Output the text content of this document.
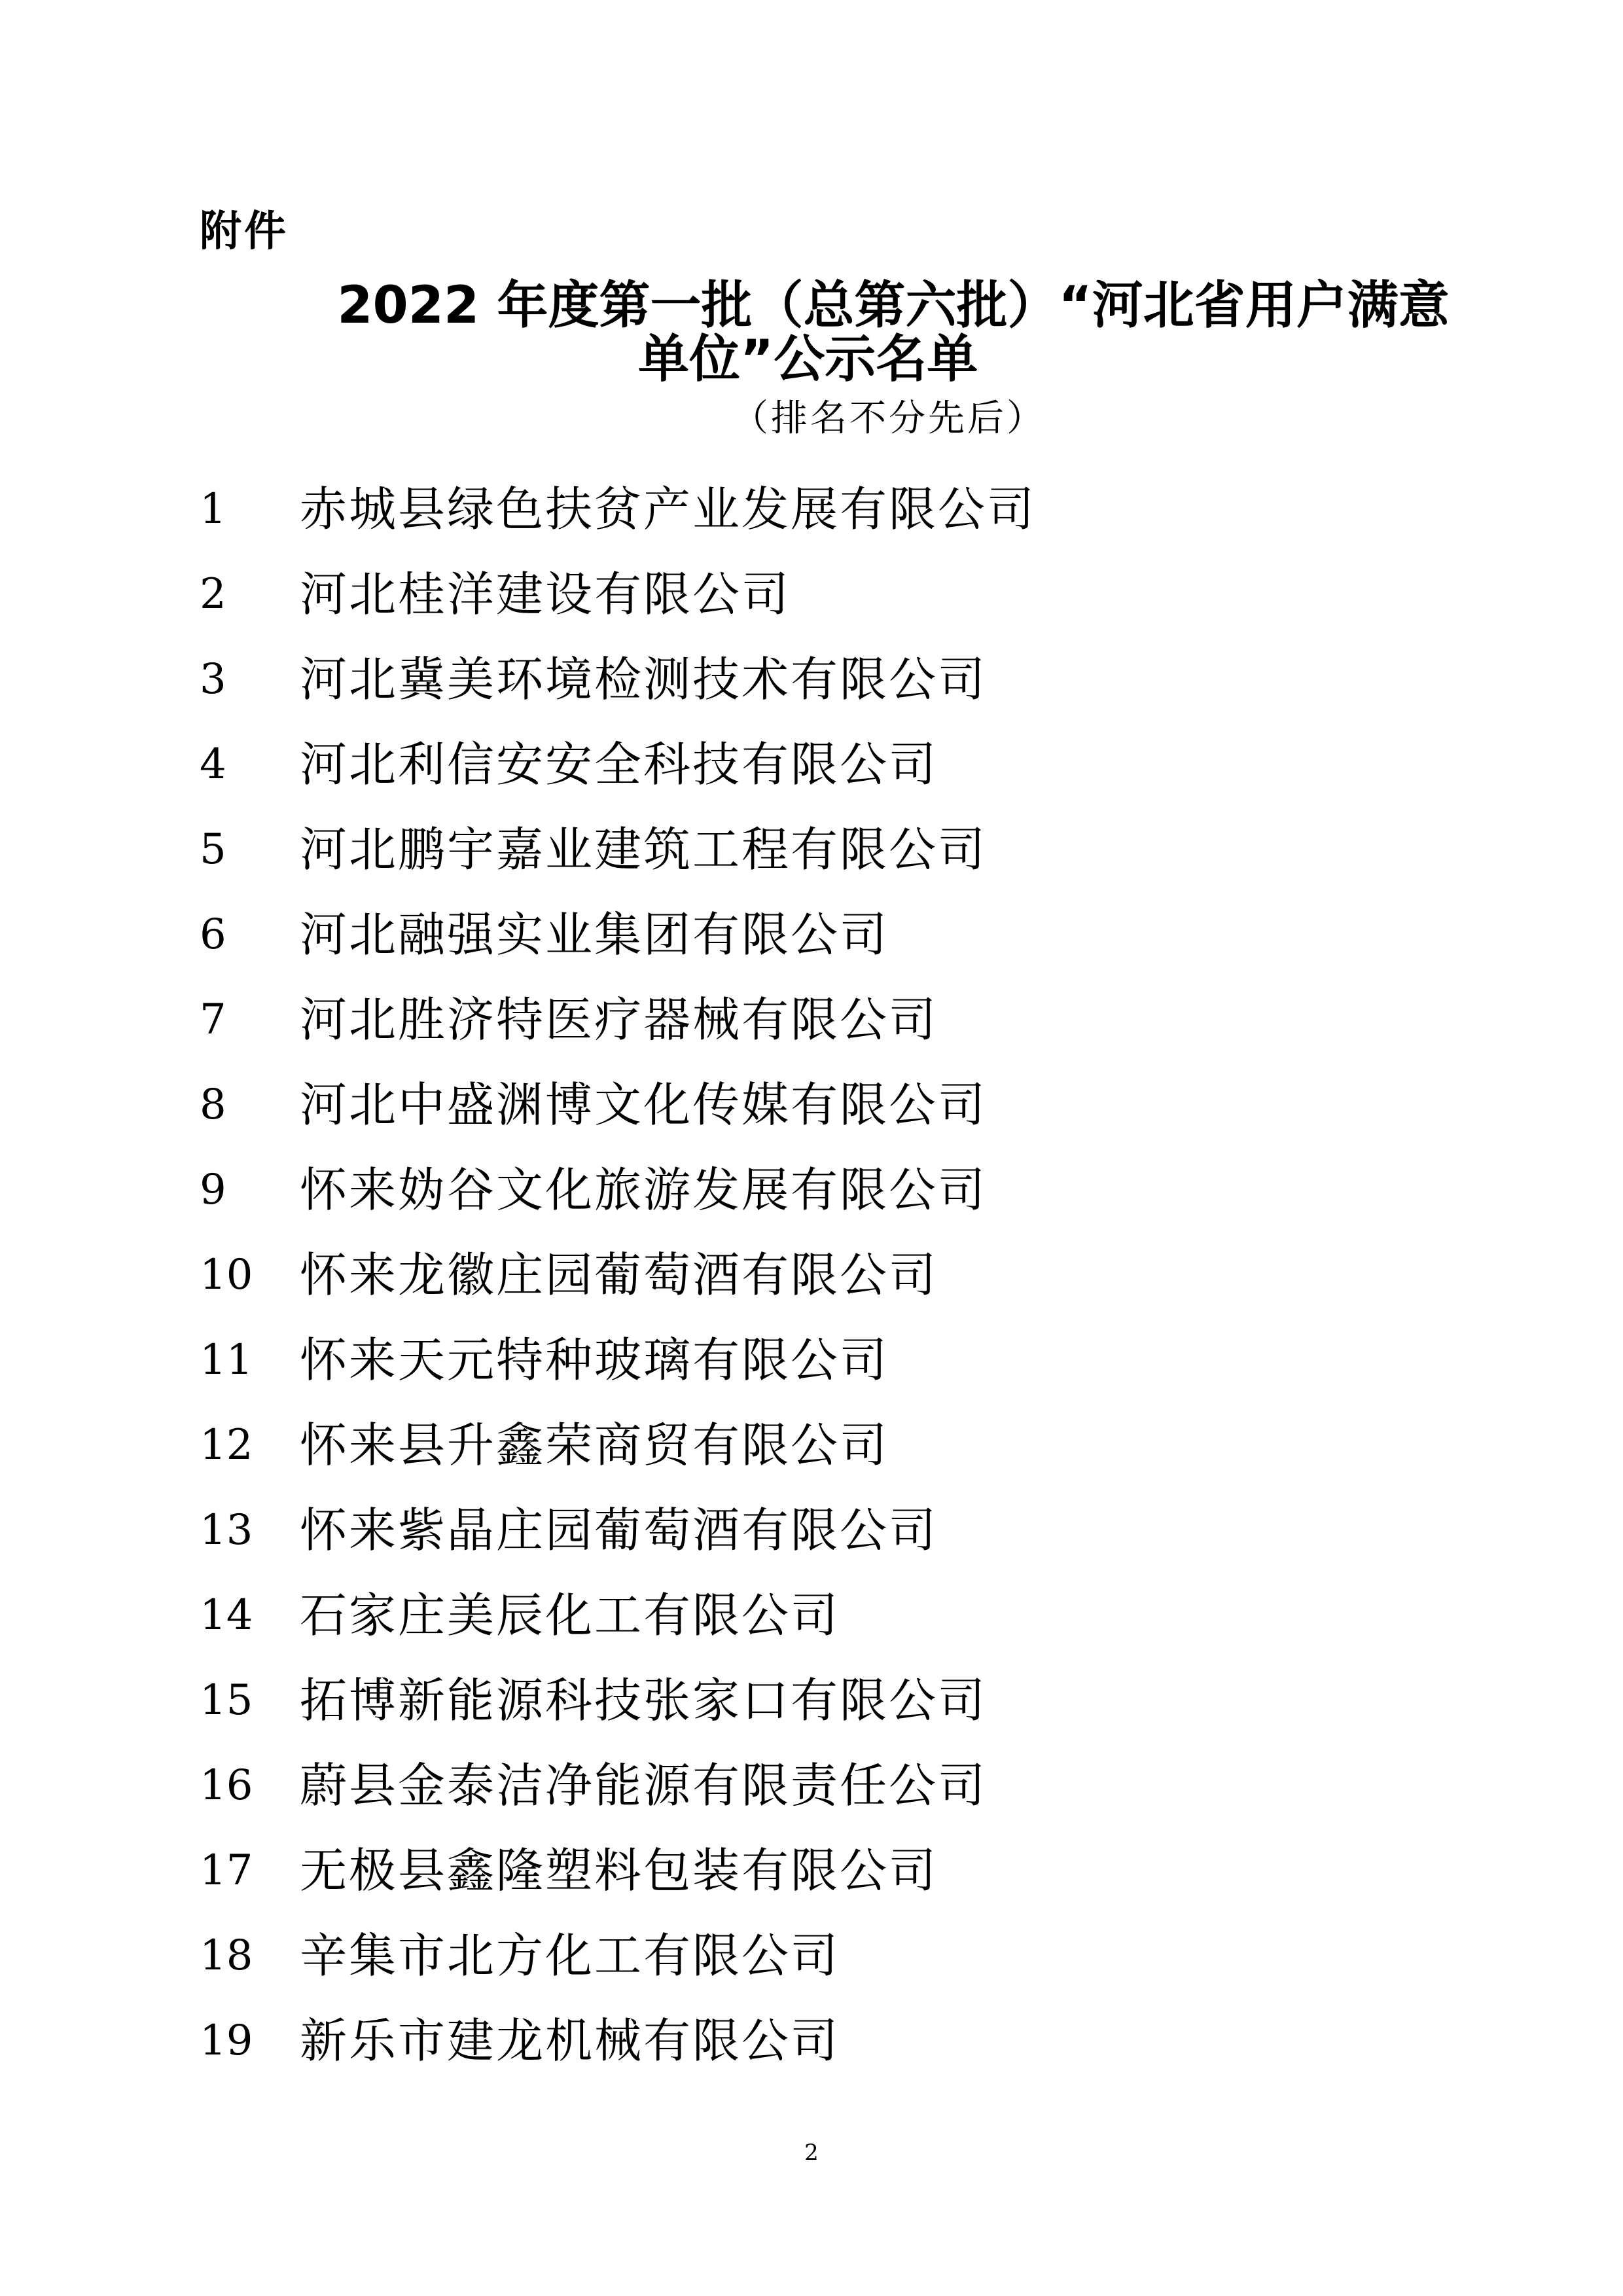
附件
2022 年度第一批（总第六批）“河北省用户满意
单位”公示名单
（排名不分先后）
1 赤城县绿色扶贫产业发展有限公司
2 河北桂洋建设有限公司
3 河北冀美环境检测技术有限公司
4 河北利信安安全科技有限公司
5 河北鹏宇嘉业建筑工程有限公司
6 河北融强实业集团有限公司
7 河北胜济特医疗器械有限公司
8 河北中盛渊博文化传媒有限公司
9 怀来妫谷文化旅游发展有限公司
10 怀来龙徽庄园葡萄酒有限公司
11 怀来天元特种玻璃有限公司
12 怀来县升鑫荣商贸有限公司
13 怀来紫晶庄园葡萄酒有限公司
14 石家庄美辰化工有限公司
15 拓博新能源科技张家口有限公司
16 蔚县金泰洁净能源有限责任公司
17 无极县鑫隆塑料包装有限公司
18 辛集市北方化工有限公司
19 新乐市建龙机械有限公司
2
